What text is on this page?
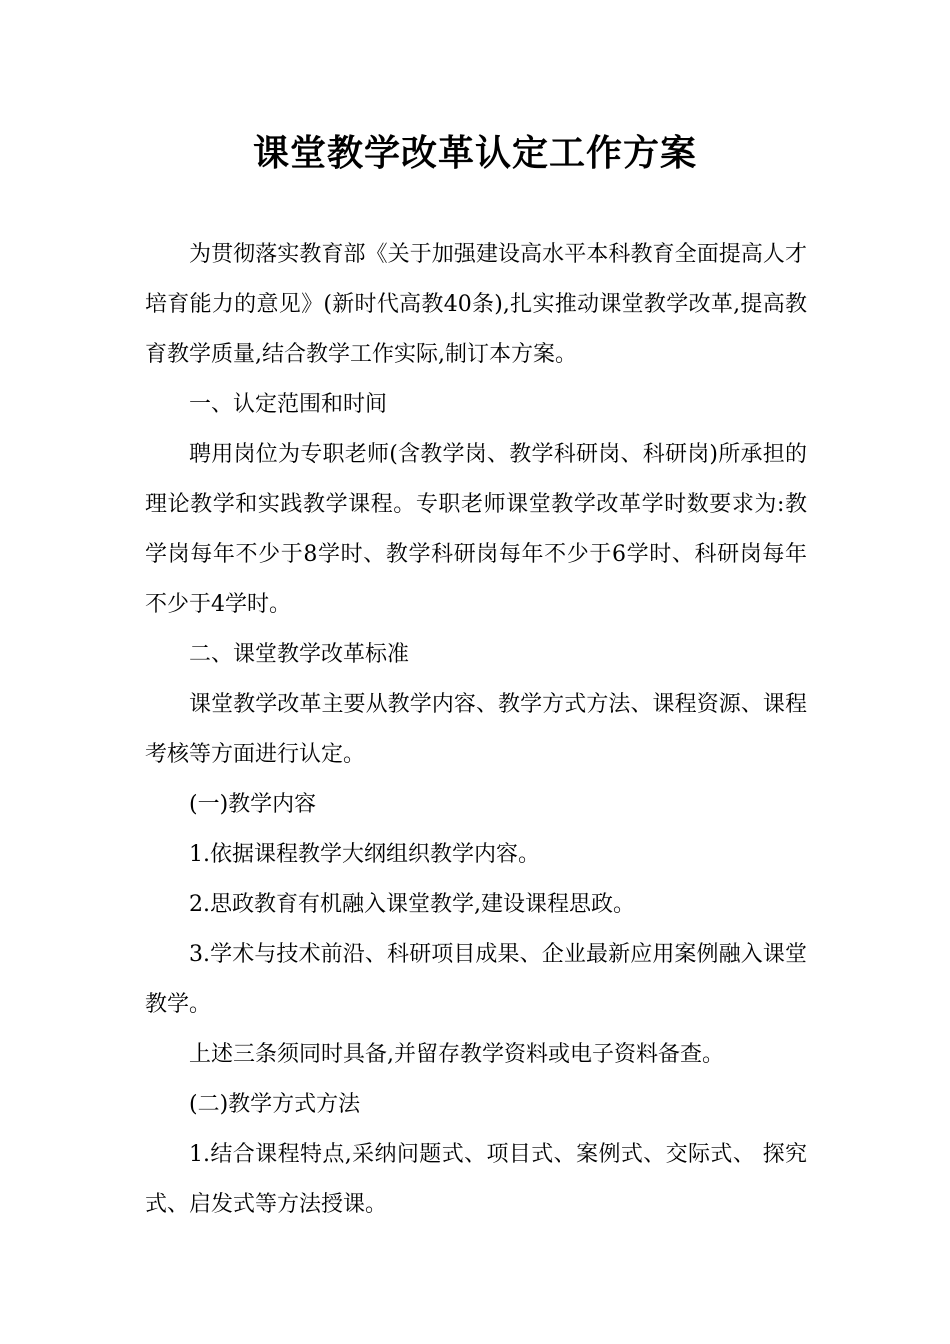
课堂教学改革认定工作方案

为贯彻落实教育部《关于加强建设高水平本科教育全面提高人才培育能力的意见》(新时代高教40条),扎实推动课堂教学改革,提高教育教学质量,结合教学工作实际,制订本方案。

一、认定范围和时间

聘用岗位为专职老师(含教学岗、教学科研岗、科研岗)所承担的理论教学和实践教学课程。专职老师课堂教学改革学时数要求为:教学岗每年不少于8学时、教学科研岗每年不少于6学时、科研岗每年不少于4学时。

二、课堂教学改革标准

课堂教学改革主要从教学内容、教学方式方法、课程资源、课程考核等方面进行认定。

(一)教学内容

1.依据课程教学大纲组织教学内容。

2.思政教育有机融入课堂教学,建设课程思政。

3.学术与技术前沿、科研项目成果、企业最新应用案例融入课堂教学。

上述三条须同时具备,并留存教学资料或电子资料备查。

(二)教学方式方法

1.结合课程特点,采纳问题式、项目式、案例式、交际式、 探究式、启发式等方法授课。
